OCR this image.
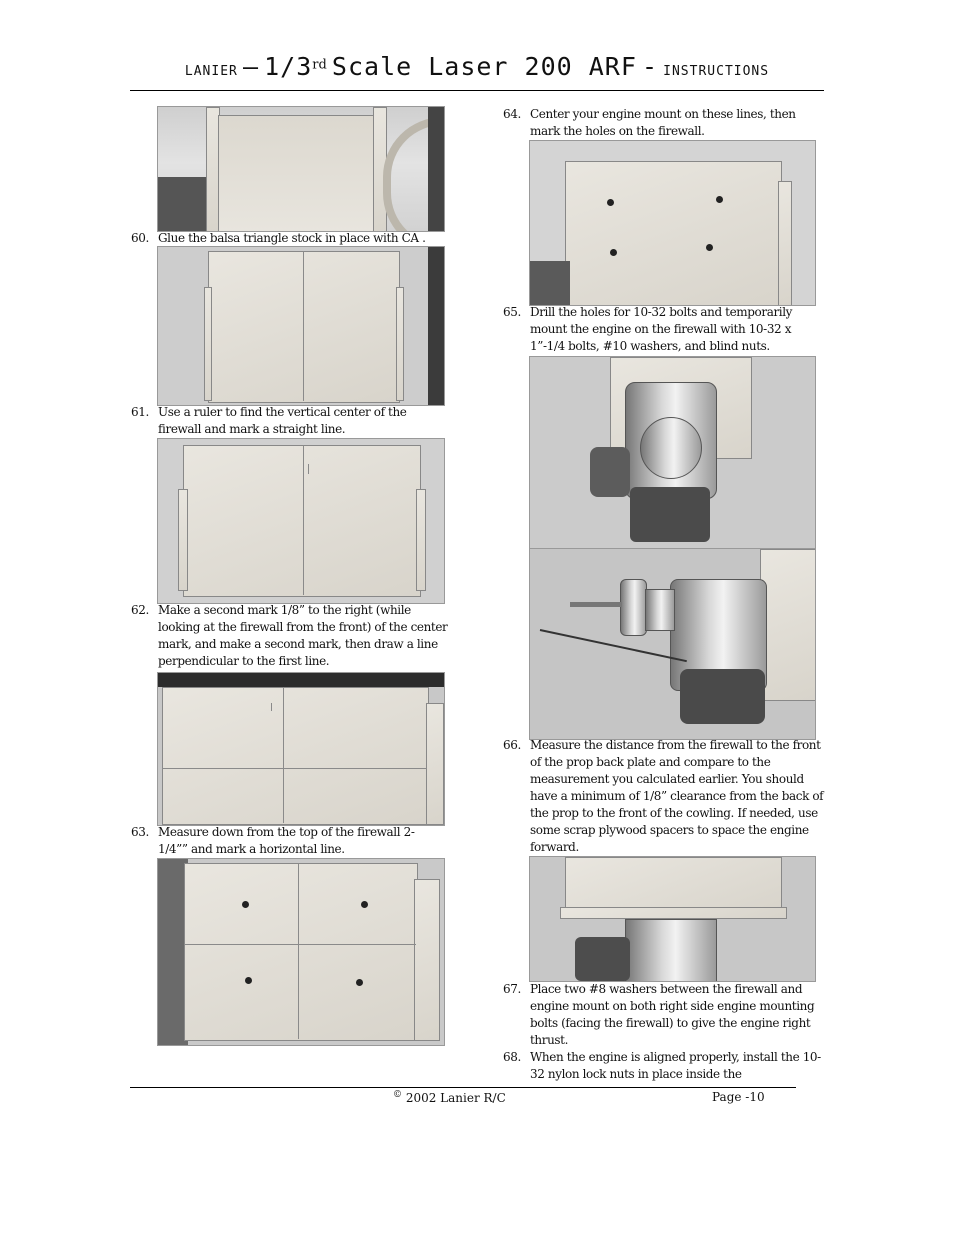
LANIER – 1/3rd Scale Laser 200 ARF - INSTRUCTIONS
60. Glue the balsa triangle stock in place with CA .
61. Use a ruler to find the vertical center of the firewall and mark a straight line.
62. Make a second mark 1/8” to the right (while looking at the firewall from the front) of the center mark, and make a second mark, then draw a line perpendicular to the first line.
63. Measure down from the top of the firewall 2-1/4”” and mark a horizontal line.
64. Center your engine mount on these lines, then mark the holes on the firewall.
65. Drill the holes for 10-32 bolts and temporarily mount the engine on the firewall with 10-32 x 1”-1/4 bolts, #10 washers, and blind nuts.
66. Measure the distance from the firewall to the front of the prop back plate and compare to the measurement you calculated earlier. You should have a minimum of 1/8” clearance from the back of the prop to the front of the cowling. If needed, use some scrap plywood spacers to space the engine forward.
67. Place two #8 washers between the firewall and engine mount on both right side engine mounting bolts (facing the firewall) to give the engine right thrust.
68. When the engine is aligned properly, install the 10-32 nylon lock nuts in place inside the
© 2002 Lanier R/C	Page -10
